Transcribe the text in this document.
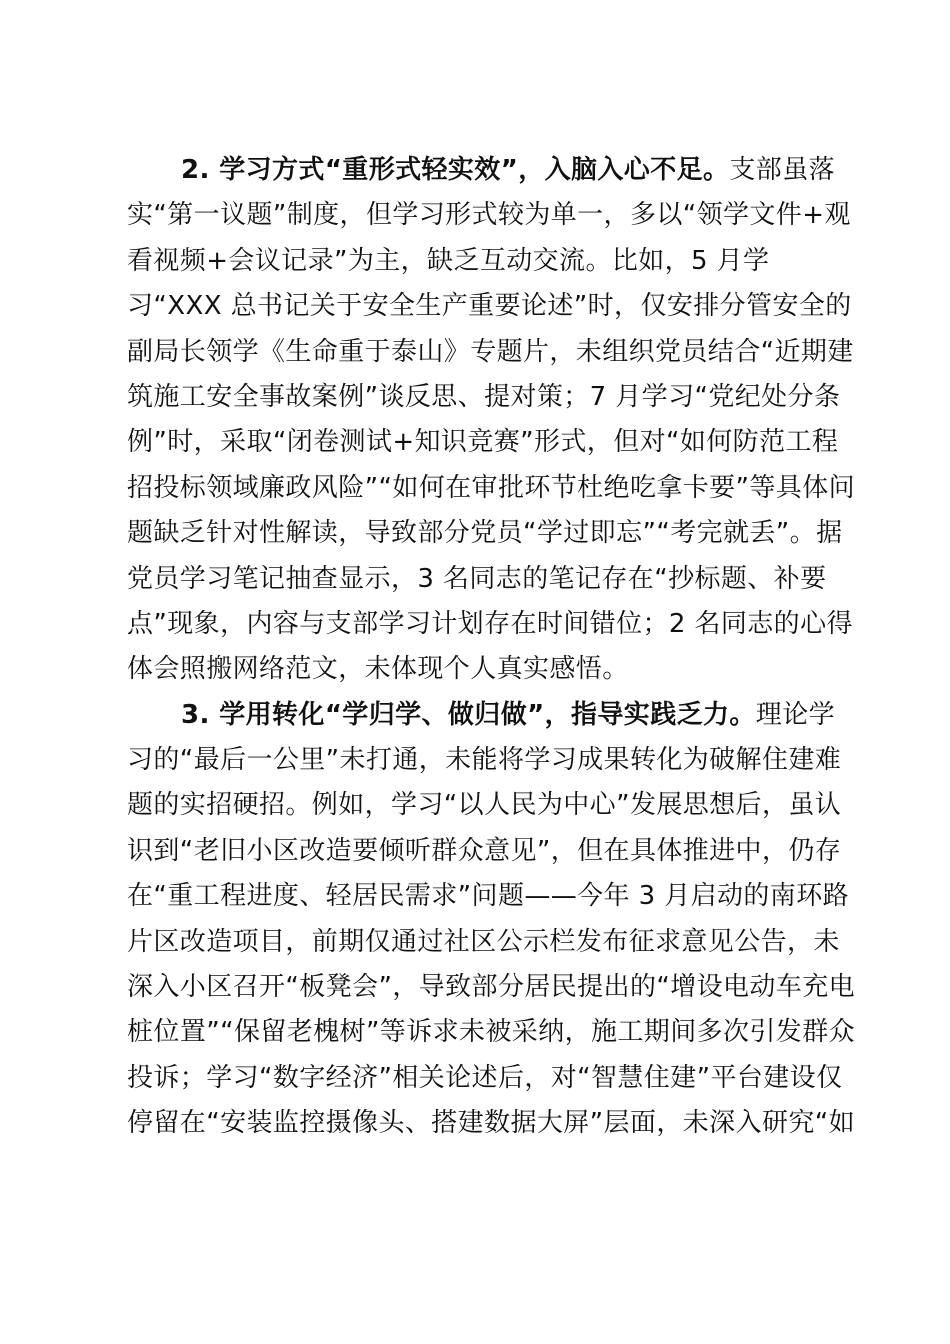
2. 学习方式“重形式轻实效”，入脑入心不足。支部虽落
实“第一议题”制度，但学习形式较为单一，多以“领学文件+观
看视频+会议记录”为主，缺乏互动交流。比如，5 月学
习“XXX 总书记关于安全生产重要论述”时，仅安排分管安全的
副局长领学《生命重于泰山》专题片，未组织党员结合“近期建
筑施工安全事故案例”谈反思、提对策；7 月学习“党纪处分条
例”时，采取“闭卷测试+知识竞赛”形式，但对“如何防范工程
招投标领域廉政风险”“如何在审批环节杜绝吃拿卡要”等具体问
题缺乏针对性解读，导致部分党员“学过即忘”“考完就丢”。据
党员学习笔记抽查显示，3 名同志的笔记存在“抄标题、补要
点”现象，内容与支部学习计划存在时间错位；2 名同志的心得
体会照搬网络范文，未体现个人真实感悟。
3. 学用转化“学归学、做归做”，指导实践乏力。理论学
习的“最后一公里”未打通，未能将学习成果转化为破解住建难
题的实招硬招。例如，学习“以人民为中心”发展思想后，虽认
识到“老旧小区改造要倾听群众意见”，但在具体推进中，仍存
在“重工程进度、轻居民需求”问题——今年 3 月启动的南环路
片区改造项目，前期仅通过社区公示栏发布征求意见公告，未
深入小区召开“板凳会”，导致部分居民提出的“增设电动车充电
桩位置”“保留老槐树”等诉求未被采纳，施工期间多次引发群众
投诉；学习“数字经济”相关论述后，对“智慧住建”平台建设仅
停留在“安装监控摄像头、搭建数据大屏”层面，未深入研究“如
